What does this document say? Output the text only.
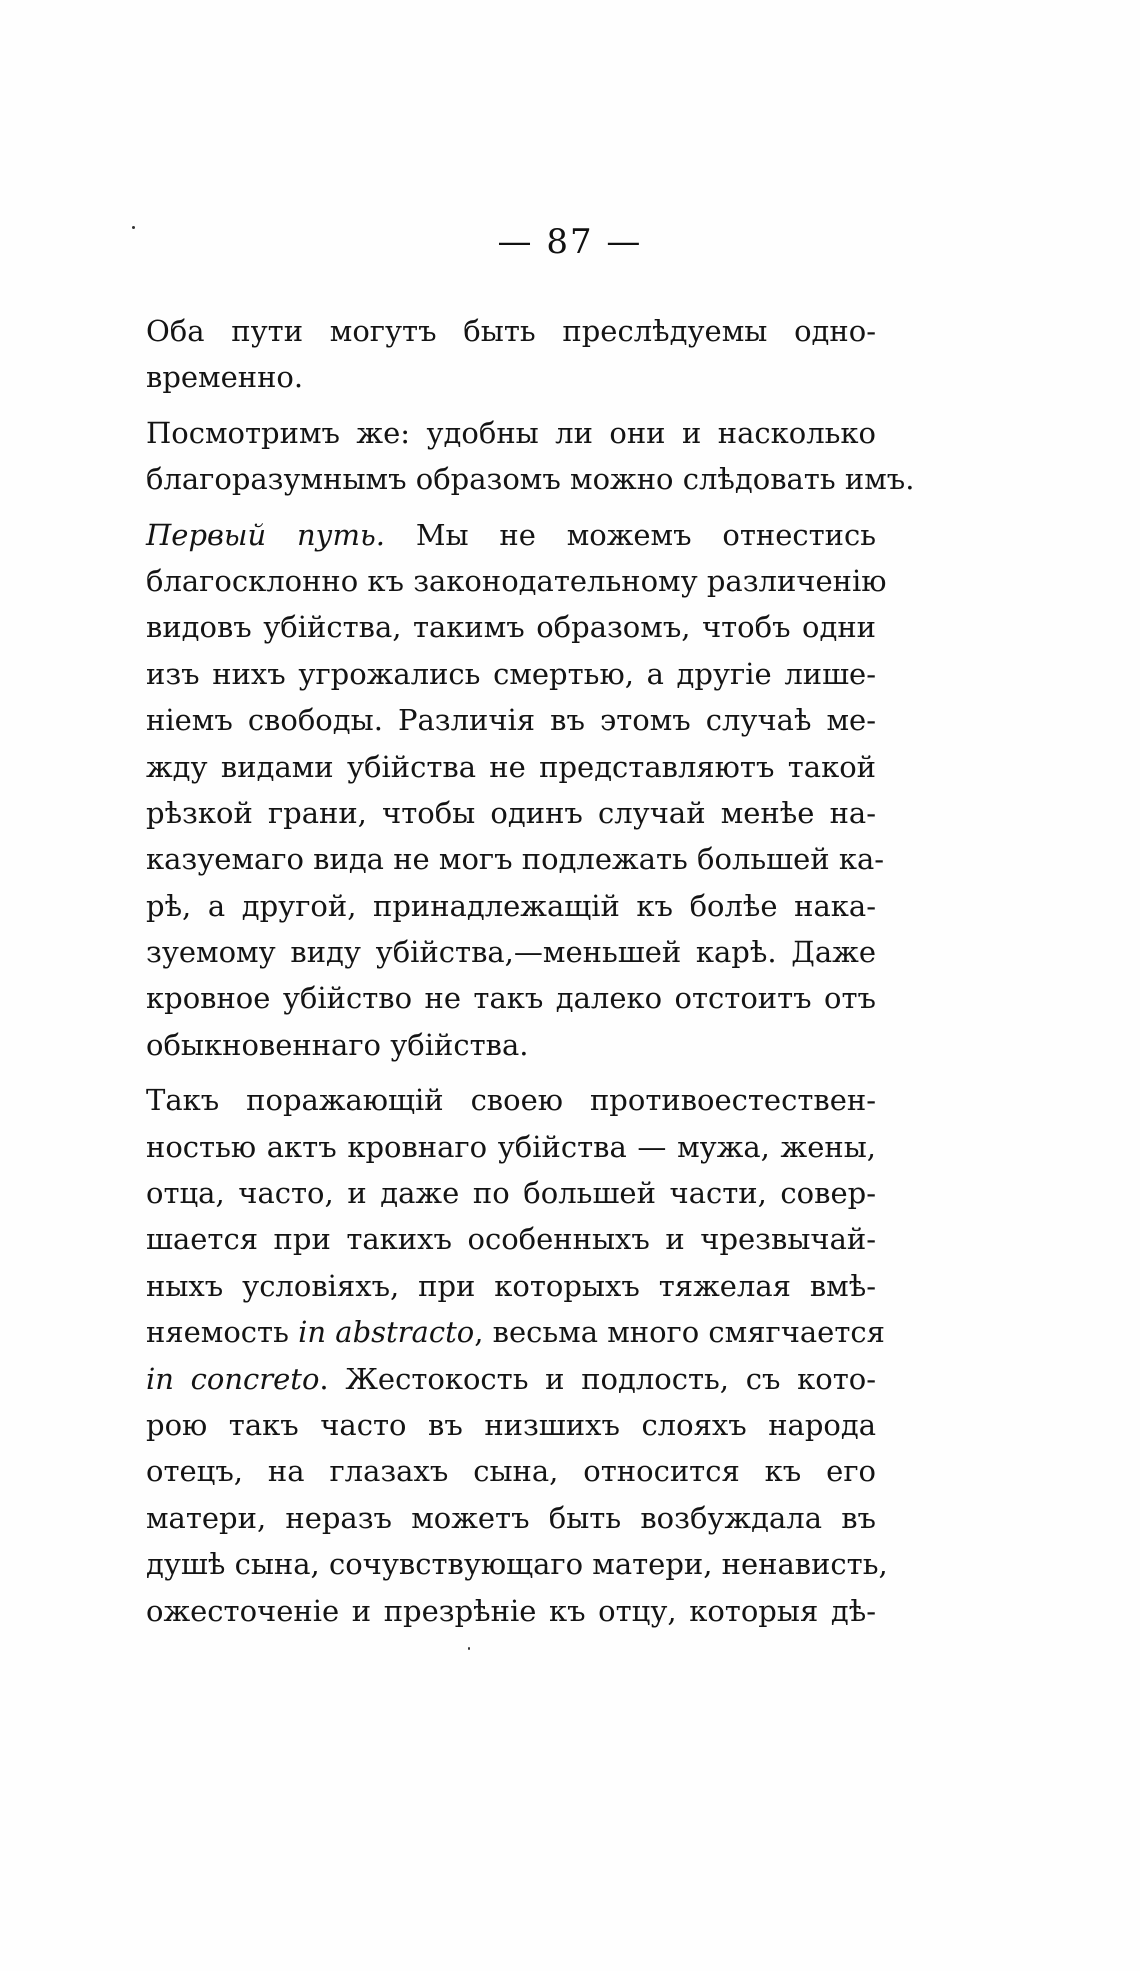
— 87 —
Оба пути могутъ быть преслѣдуемы одно-
временно.
Посмотримъ же: удобны ли они и насколько
благоразумнымъ образомъ можно слѣдовать имъ.
Первый путь. Мы не можемъ отнестись
благосклонно къ законодательному различенію
видовъ убійства, такимъ образомъ, чтобъ одни
изъ нихъ угрожались смертью, а другіе лише-
ніемъ свободы. Различія въ этомъ случаѣ ме-
жду видами убійства не представляютъ такой
рѣзкой грани, чтобы одинъ случай менѣе на-
казуемаго вида не могъ подлежать большей ка-
рѣ, а другой, принадлежащій къ болѣе нака-
зуемому виду убійства,—меньшей карѣ. Даже
кровное убійство не такъ далеко отстоитъ отъ
обыкновеннаго убійства.
Такъ поражающій своею противоестествен-
ностью актъ кровнаго убійства — мужа, жены,
отца, часто, и даже по большей части, совер-
шается при такихъ особенныхъ и чрезвычай-
ныхъ условіяхъ, при которыхъ тяжелая вмѣ-
няемость in abstracto, весьма много смягчается
in concreto. Жестокость и подлость, съ кото-
рою такъ часто въ низшихъ слояхъ народа
отецъ, на глазахъ сына, относится къ его
матери, неразъ можетъ быть возбуждала въ
душѣ сына, сочувствующаго матери, ненависть,
ожесточеніе и презрѣніе къ отцу, которыя дѣ-
